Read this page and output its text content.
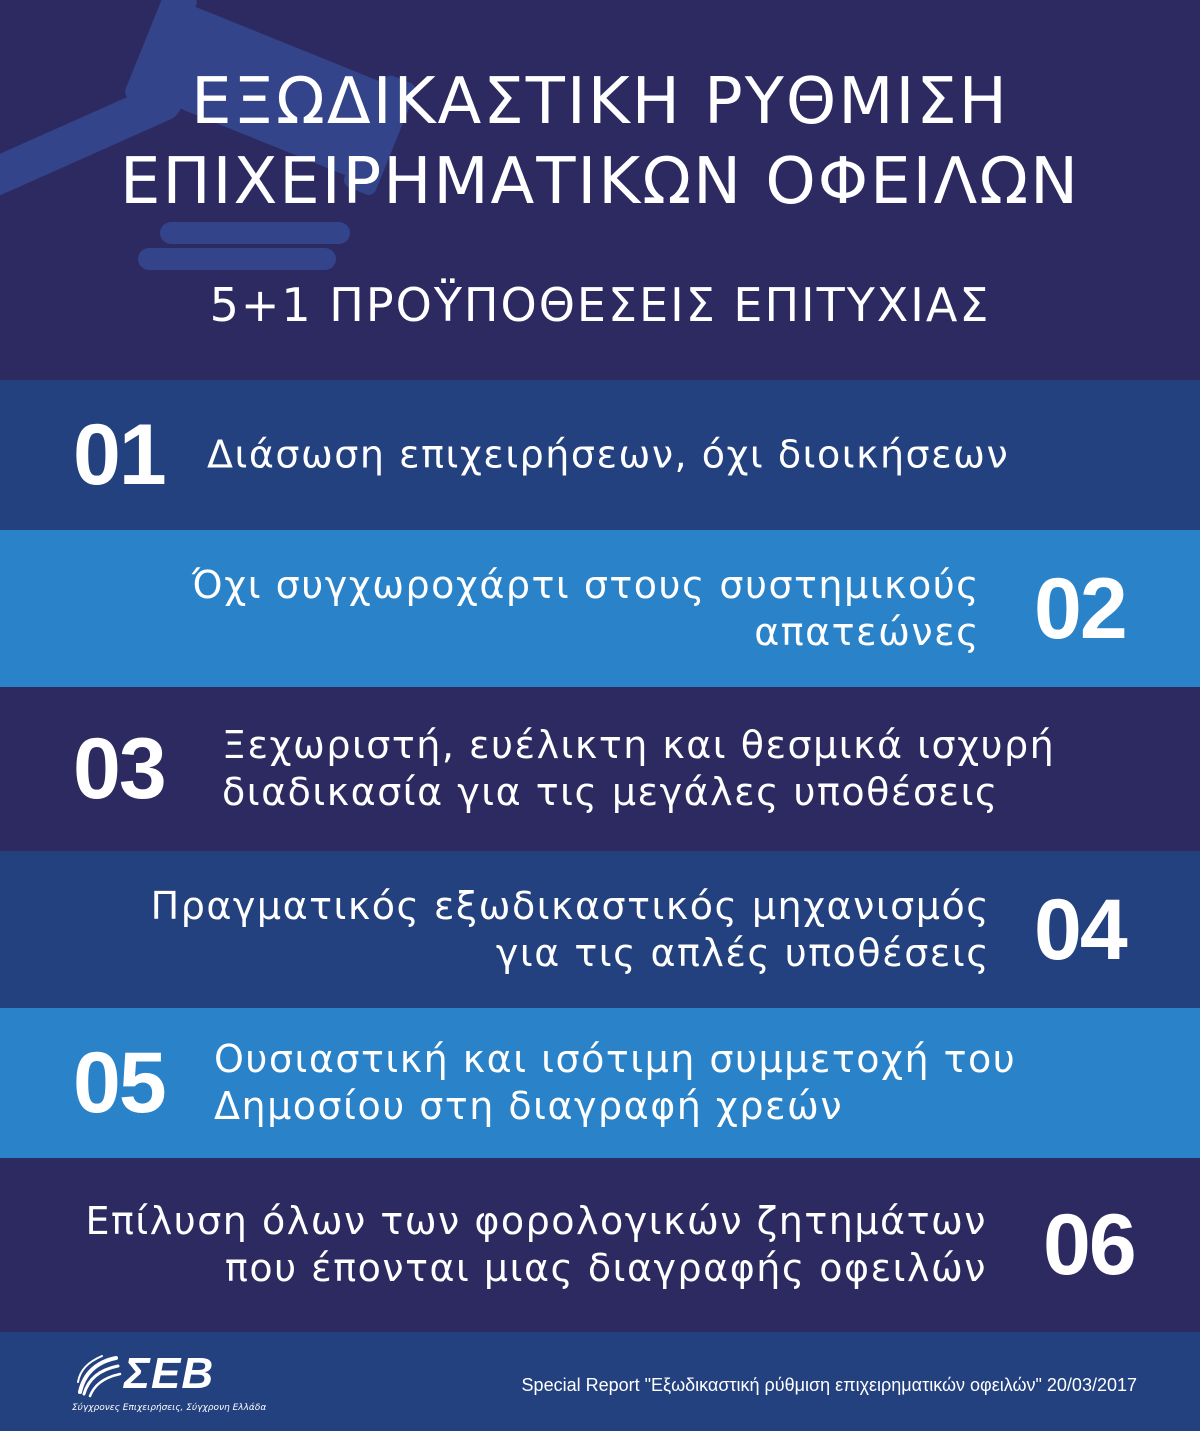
ΕΞΩΔΙΚΑΣΤΙΚΗ ΡΥΘΜΙΣΗ
ΕΠΙΧΕΙΡΗΜΑΤΙΚΩΝ ΟΦΕΙΛΩΝ
5+1 ΠΡΟΫΠΟΘΕΣΕΙΣ ΕΠΙΤΥΧΙΑΣ
01 Διάσωση επιχειρήσεων, όχι διοικήσεων
Όχι συγχωροχάρτι στους συστημικούς
απατεώνες 02
03 Ξεχωριστή, ευέλικτη και θεσμικά ισχυρή
διαδικασία για τις μεγάλες υποθέσεις
Πραγματικός εξωδικαστικός μηχανισμός
για τις απλές υποθέσεις 04
05 Ουσιαστική και ισότιμη συμμετοχή του
Δημοσίου στη διαγραφή χρεών
Επίλυση όλων των φορολογικών ζητημάτων
που έπονται μιας διαγραφής οφειλών 06
ΣΕΒ
Σύγχρονες Επιχειρήσεις, Σύγχρονη Ελλάδα
Special Report "Εξωδικαστική ρύθμιση επιχειρηματικών οφειλών" 20/03/2017
